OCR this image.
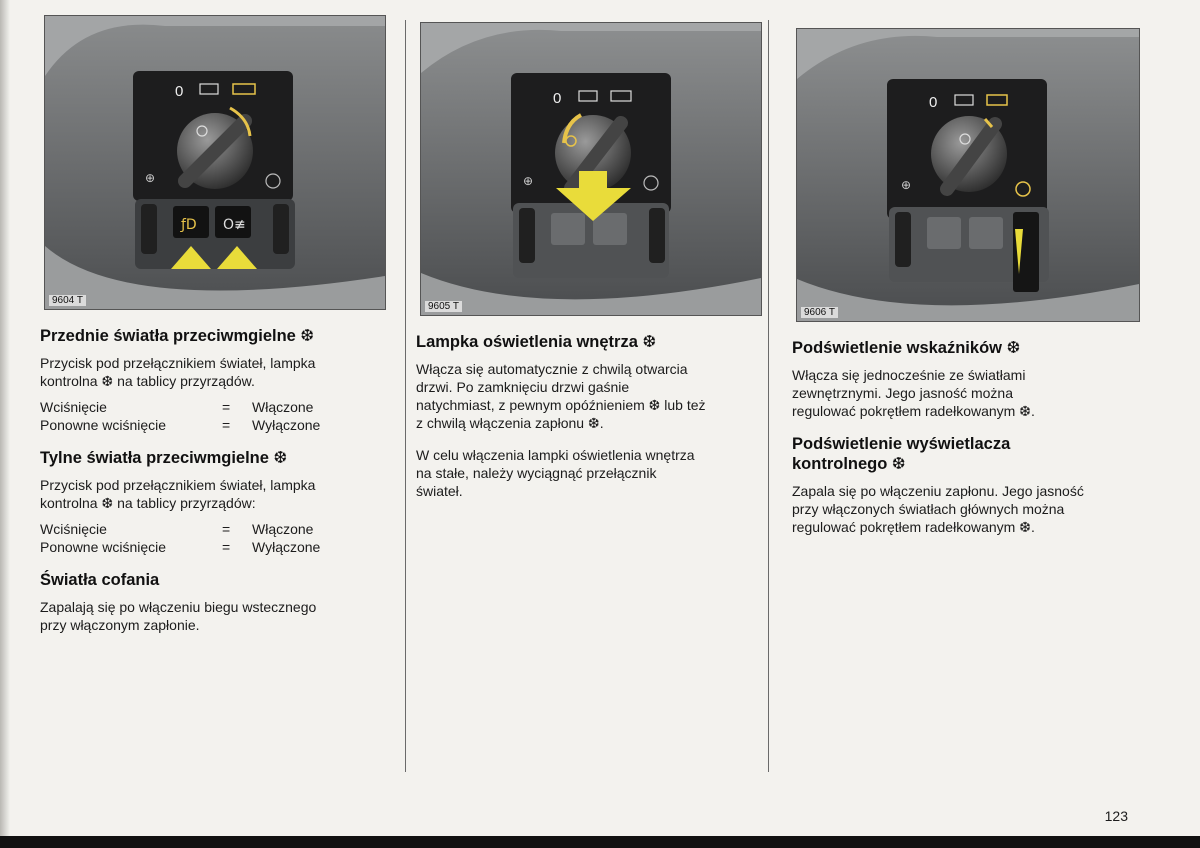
0
⊕
ƒD O≢
9604 T
0
⊕
9605 T
0
⊕
9606 T
Przednie światła przeciwmgielne ❆

Przycisk pod przełącznikiem świateł, lampka

kontrolna ❆ na tablicy przyrządów.

Wciśnięcie	=	Włączone
Ponowne wciśnięcie	=	Wyłączone
Tylne światła przeciwmgielne ❆

Przycisk pod przełącznikiem świateł, lampka

kontrolna ❆ na tablicy przyrządów:

Wciśnięcie	=	Włączone
Ponowne wciśnięcie	=	Wyłączone
Światła cofania

Zapalają się po włączeniu biegu wstecznego

przy włączonym zapłonie.

Lampka oświetlenia wnętrza ❆

Włącza się automatycznie z chwilą otwarcia

drzwi. Po zamknięciu drzwi gaśnie

natychmiast, z pewnym opóźnieniem ❆ lub też

z chwilą włączenia zapłonu ❆.

W celu włączenia lampki oświetlenia wnętrza

na stałe, należy wyciągnąć przełącznik

świateł.

Podświetlenie wskaźników ❆

Włącza się jednocześnie ze światłami

zewnętrznymi. Jego jasność można

regulować pokrętłem radełkowanym ❆.

Podświetlenie wyświetlacza
kontrolnego ❆

Zapala się po włączeniu zapłonu. Jego jasność

przy włączonych światłach głównych można

regulować pokrętłem radełkowanym ❆.

123
